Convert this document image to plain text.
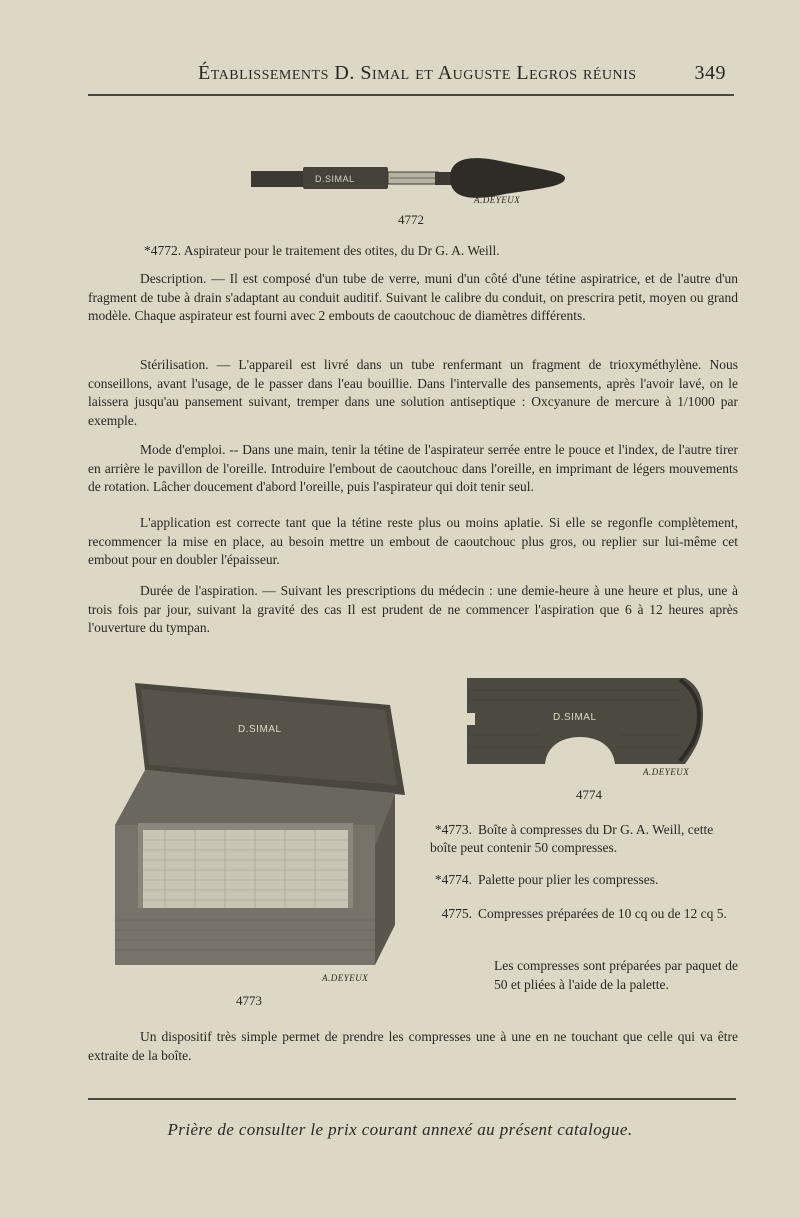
Établissements D. Simal et Auguste Legros réunis	349
D.SIMAL
A.DEYEUX
4772
*4772. Aspirateur pour le traitement des otites, du Dr G. A. Weill.
Description. — Il est composé d'un tube de verre, muni d'un côté d'une tétine aspiratrice, et de l'autre d'un fragment de tube à drain s'adaptant au conduit auditif. Suivant le calibre du conduit, on prescrira petit, moyen ou grand modèle. Chaque aspirateur est fourni avec 2 embouts de caoutchouc de diamètres différents.
Stérilisation. — L'appareil est livré dans un tube renfermant un fragment de trioxyméthylène. Nous conseillons, avant l'usage, de le passer dans l'eau bouillie. Dans l'intervalle des pansements, après l'avoir lavé, on le laissera jusqu'au pansement suivant, tremper dans une solution antiseptique : Oxcyanure de mercure à 1/1000 par exemple.
Mode d'emploi. -- Dans une main, tenir la tétine de l'aspirateur serrée entre le pouce et l'index, de l'autre tirer en arrière le pavillon de l'oreille. Introduire l'embout de caoutchouc dans l'oreille, en imprimant de légers mouvements de rotation. Lâcher doucement d'abord l'oreille, puis l'aspirateur qui doit tenir seul.
L'application est correcte tant que la tétine reste plus ou moins aplatie. Si elle se regonfle complètement, recommencer la mise en place, au besoin mettre un embout de caoutchouc plus gros, ou replier sur lui-même cet embout pour en doubler l'épaisseur.
Durée de l'aspiration. — Suivant les prescriptions du médecin : une demie-heure à une heure et plus, une à trois fois par jour, suivant la gravité des cas Il est prudent de ne commencer l'aspiration que 6 à 12 heures après l'ouverture du tympan.
D.SIMAL
A.DEYEUX
4773
D.SIMAL
A.DEYEUX
4774
*4773. Boîte à compresses du Dr G. A. Weill, cette boîte peut contenir 50 compresses.
*4774. Palette pour plier les compresses.
4775. Compresses préparées de 10 cq ou de 12 cq 5.
Les compresses sont préparées par paquet de 50 et pliées à l'aide de la palette.
Un dispositif très simple permet de prendre les compresses une à une en ne touchant que celle qui va être extraite de la boîte.
Prière de consulter le prix courant annexé au présent catalogue.
